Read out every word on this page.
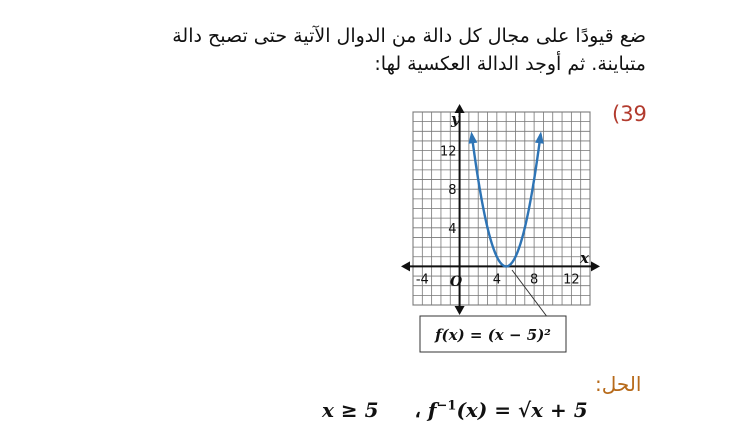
ضع قيودًا على مجال كل دالة من الدوال الآتية حتى تصبح دالة
متباينة. ثم أوجد الدالة العكسية لها:
(39
12
8
4
-4	4 8 12
f(x) = (x − 5)²
y
x
O
الحل:
x ≥ 5 ، $f^{-1}(x) = √x + 5$
